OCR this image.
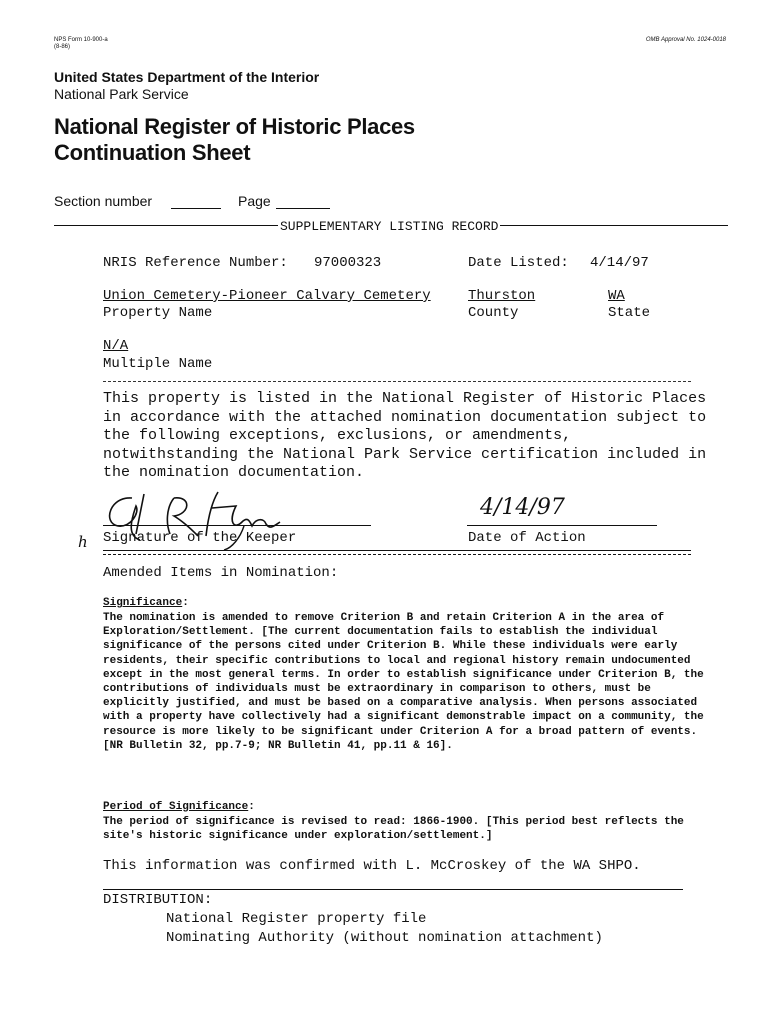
NPS Form 10-900-a
(8-86)
OMB Approval No. 1024-0018
United States Department of the Interior
National Park Service
National Register of Historic Places
Continuation Sheet
Section number	Page
SUPPLEMENTARY LISTING RECORD
NRIS Reference Number: 97000323	Date Listed: 4/14/97
Union Cemetery-Pioneer Calvary Cemetery	Thurston	WA
Property Name	County	State
N/A
Multiple Name
This property is listed in the National Register of Historic Places in accordance with the attached nomination documentation subject to the following exceptions, exclusions, or amendments, notwithstanding the National Park Service certification included in the nomination documentation.
ℎ Signature of the Keeper
4/14/97
Date of Action
Amended Items in Nomination:
Significance:
The nomination is amended to remove Criterion B and retain Criterion A in the area of Exploration/Settlement. [The current documentation fails to establish the individual significance of the persons cited under Criterion B. While these individuals were early residents, their specific contributions to local and regional history remain undocumented except in the most general terms. In order to establish significance under Criterion B, the contributions of individuals must be extraordinary in comparison to others, must be explicitly justified, and must be based on a comparative analysis. When persons associated with a property have collectively had a significant demonstrable impact on a community, the resource is more likely to be significant under Criterion A for a broad pattern of events. [NR Bulletin 32, pp.7-9; NR Bulletin 41, pp.11 & 16].
Period of Significance:
The period of significance is revised to read: 1866-1900. [This period best reflects the site's historic significance under exploration/settlement.]
This information was confirmed with L. McCroskey of the WA SHPO.
DISTRIBUTION:
National Register property file
Nominating Authority (without nomination attachment)
